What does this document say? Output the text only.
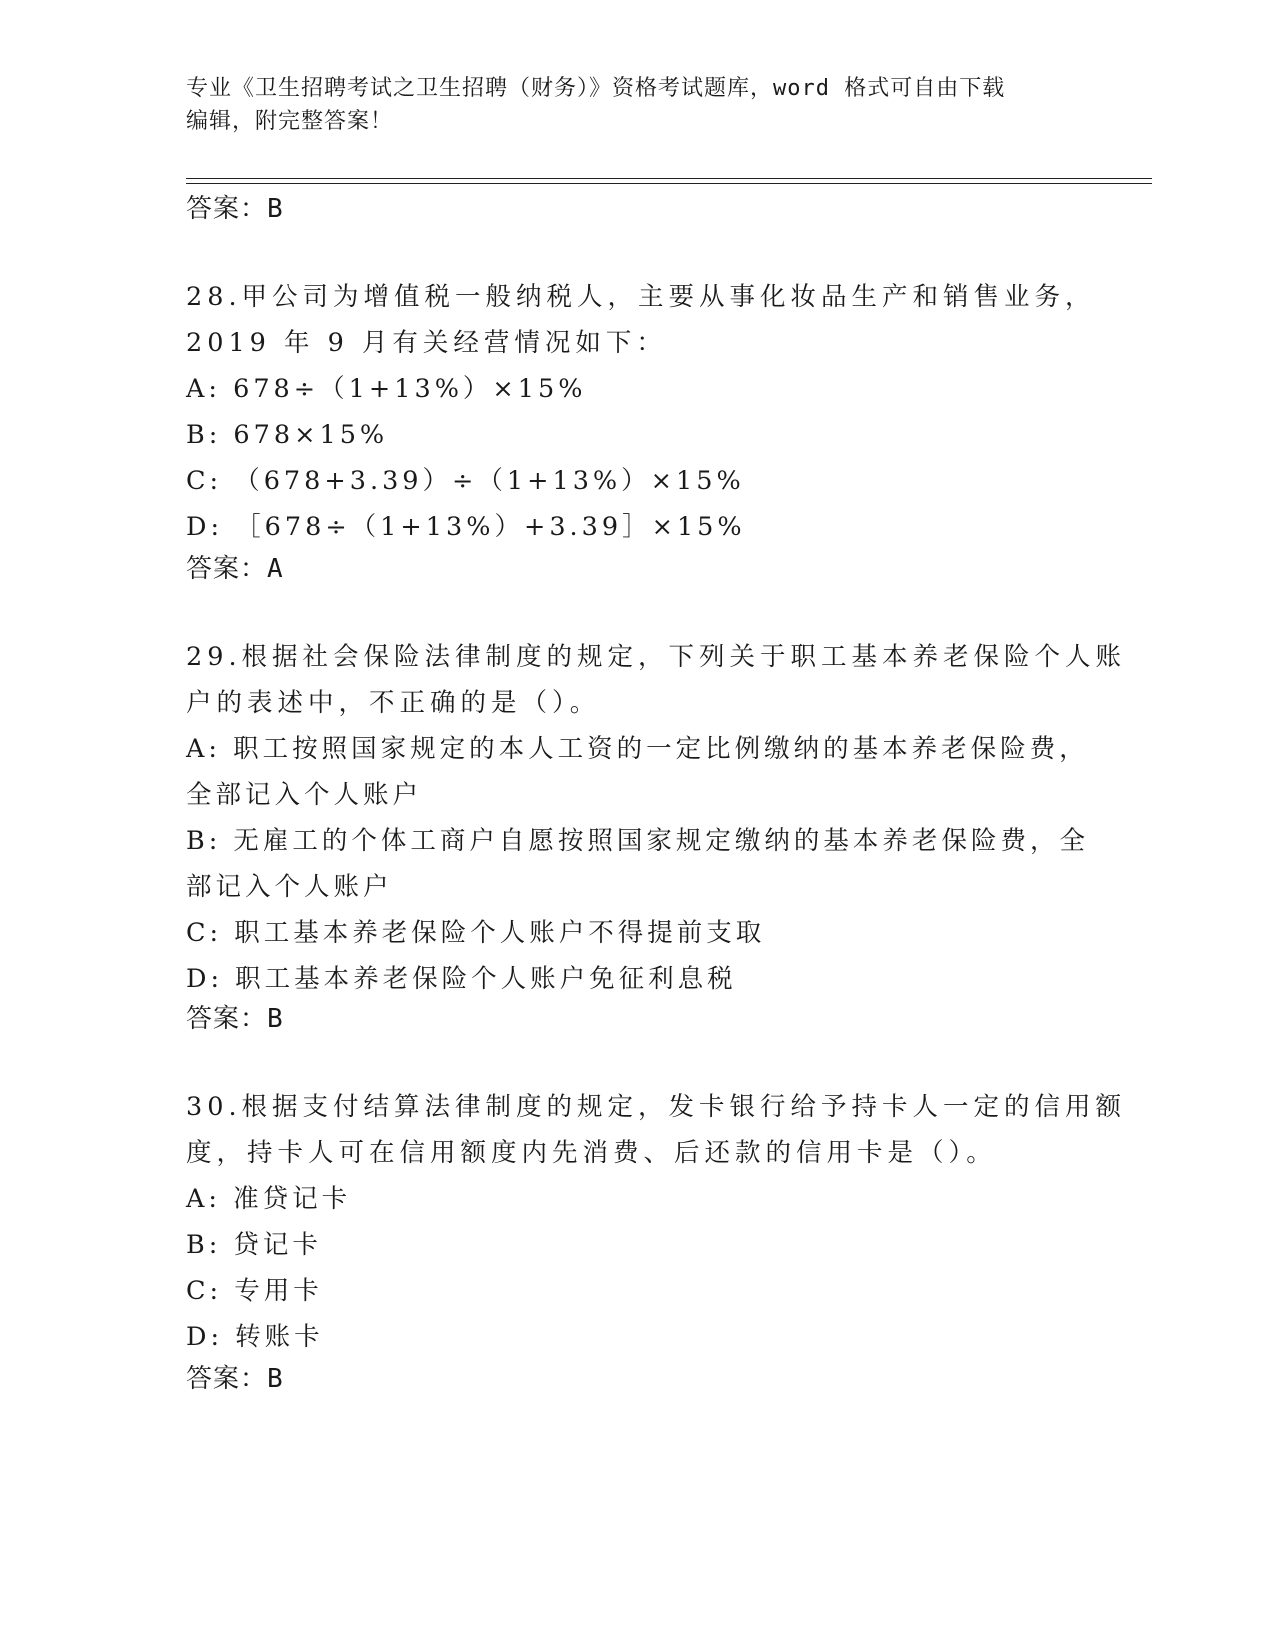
专业《卫生招聘考试之卫生招聘（财务）》资格考试题库，word 格式可自由下载
编辑，附完整答案！
答案：B
28.甲公司为增值税一般纳税人，主要从事化妆品生产和销售业务，
2019 年 9 月有关经营情况如下：
A: 678÷（1+13%）×15%
B: 678×15%
C: （678+3.39）÷（1+13%）×15%
D: ［678÷（1+13%）+3.39］×15%
答案：A
29.根据社会保险法律制度的规定，下列关于职工基本养老保险个人账
户的表述中，不正确的是（）。
A: 职工按照国家规定的本人工资的一定比例缴纳的基本养老保险费，
全部记入个人账户
B: 无雇工的个体工商户自愿按照国家规定缴纳的基本养老保险费，全
部记入个人账户
C: 职工基本养老保险个人账户不得提前支取
D: 职工基本养老保险个人账户免征利息税
答案：B
30.根据支付结算法律制度的规定，发卡银行给予持卡人一定的信用额
度，持卡人可在信用额度内先消费、后还款的信用卡是（）。
A: 准贷记卡
B: 贷记卡
C: 专用卡
D: 转账卡
答案：B
